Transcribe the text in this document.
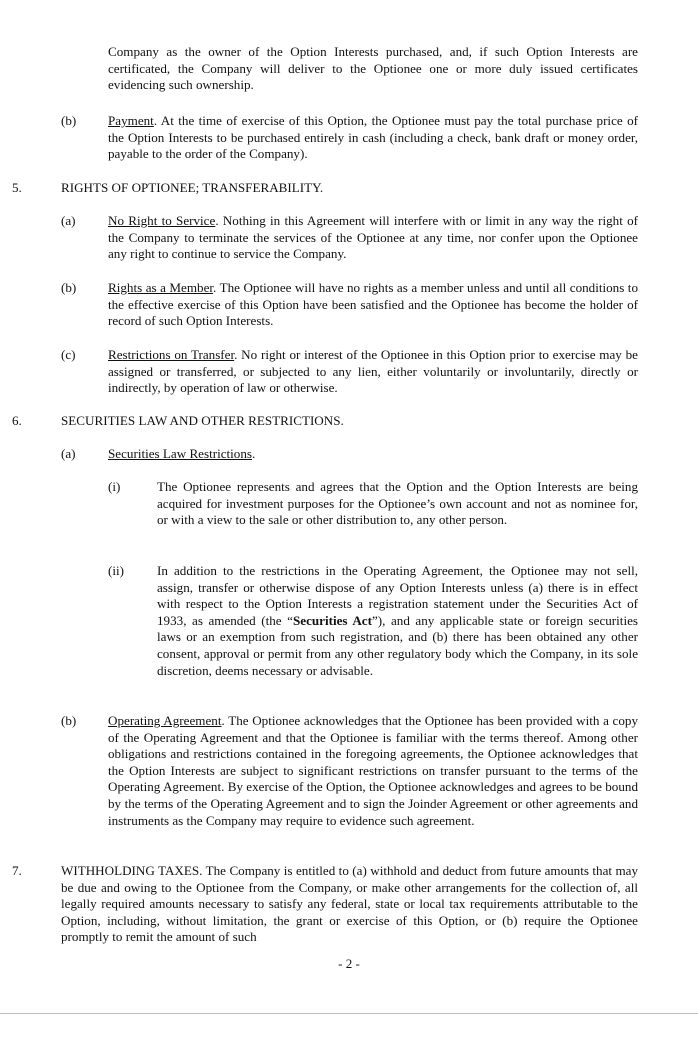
Company as the owner of the Option Interests purchased, and, if such Option Interests are certificated, the Company will deliver to the Optionee one or more duly issued certificates evidencing such ownership.
(b) Payment. At the time of exercise of this Option, the Optionee must pay the total purchase price of the Option Interests to be purchased entirely in cash (including a check, bank draft or money order, payable to the order of the Company).
5.	RIGHTS OF OPTIONEE; TRANSFERABILITY.
(a) No Right to Service. Nothing in this Agreement will interfere with or limit in any way the right of the Company to terminate the services of the Optionee at any time, nor confer upon the Optionee any right to continue to service the Company.
(b) Rights as a Member. The Optionee will have no rights as a member unless and until all conditions to the effective exercise of this Option have been satisfied and the Optionee has become the holder of record of such Option Interests.
(c) Restrictions on Transfer. No right or interest of the Optionee in this Option prior to exercise may be assigned or transferred, or subjected to any lien, either voluntarily or involuntarily, directly or indirectly, by operation of law or otherwise.
6.	SECURITIES LAW AND OTHER RESTRICTIONS.
(a) Securities Law Restrictions.
(i)	The Optionee represents and agrees that the Option and the Option Interests are being acquired for investment purposes for the Optionee’s own account and not as nominee for, or with a view to the sale or other distribution to, any other person.
(ii)	In addition to the restrictions in the Operating Agreement, the Optionee may not sell, assign, transfer or otherwise dispose of any Option Interests unless (a) there is in effect with respect to the Option Interests a registration statement under the Securities Act of 1933, as amended (the “Securities Act”), and any applicable state or foreign securities laws or an exemption from such registration, and (b) there has been obtained any other consent, approval or permit from any other regulatory body which the Company, in its sole discretion, deems necessary or advisable.
(b) Operating Agreement. The Optionee acknowledges that the Optionee has been provided with a copy of the Operating Agreement and that the Optionee is familiar with the terms thereof. Among other obligations and restrictions contained in the foregoing agreements, the Optionee acknowledges that the Option Interests are subject to significant restrictions on transfer pursuant to the terms of the Operating Agreement. By exercise of the Option, the Optionee acknowledges and agrees to be bound by the terms of the Operating Agreement and to sign the Joinder Agreement or other agreements and instruments as the Company may require to evidence such agreement.
7.	WITHHOLDING TAXES. The Company is entitled to (a) withhold and deduct from future amounts that may be due and owing to the Optionee from the Company, or make other arrangements for the collection of, all legally required amounts necessary to satisfy any federal, state or local tax requirements attributable to the Option, including, without limitation, the grant or exercise of this Option, or (b) require the Optionee promptly to remit the amount of such
- 2 -
